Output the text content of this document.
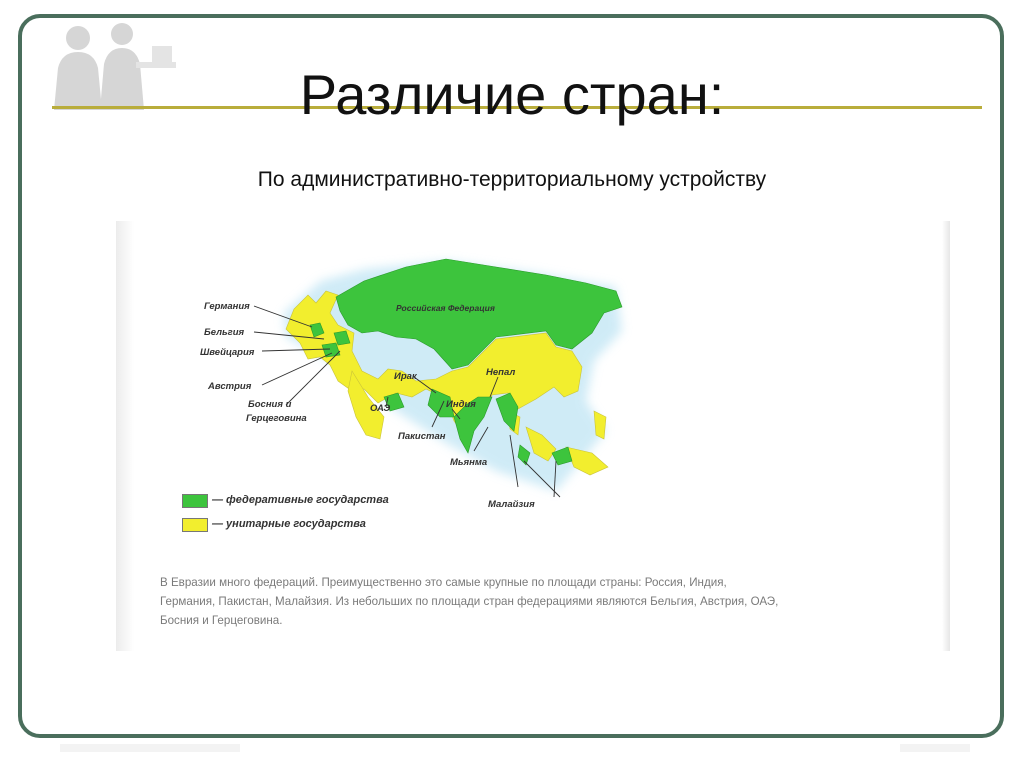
Различие стран:
По административно-территориальному устройству
Германия
Бельгия
Швейцария
Австрия
Босния и
Герцеговина
ОАЭ
Ирак
Российская Федерация
Непал
Индия
Пакистан
Мьянма
Малайзия
— федеративные государства
— унитарные государства
В Евразии много федераций. Преимущественно это самые крупные по площади страны: Россия, Индия,
Германия, Пакистан, Малайзия. Из небольших по площади стран федерациями являются Бельгия, Австрия, ОАЭ,
Босния и Герцеговина.
